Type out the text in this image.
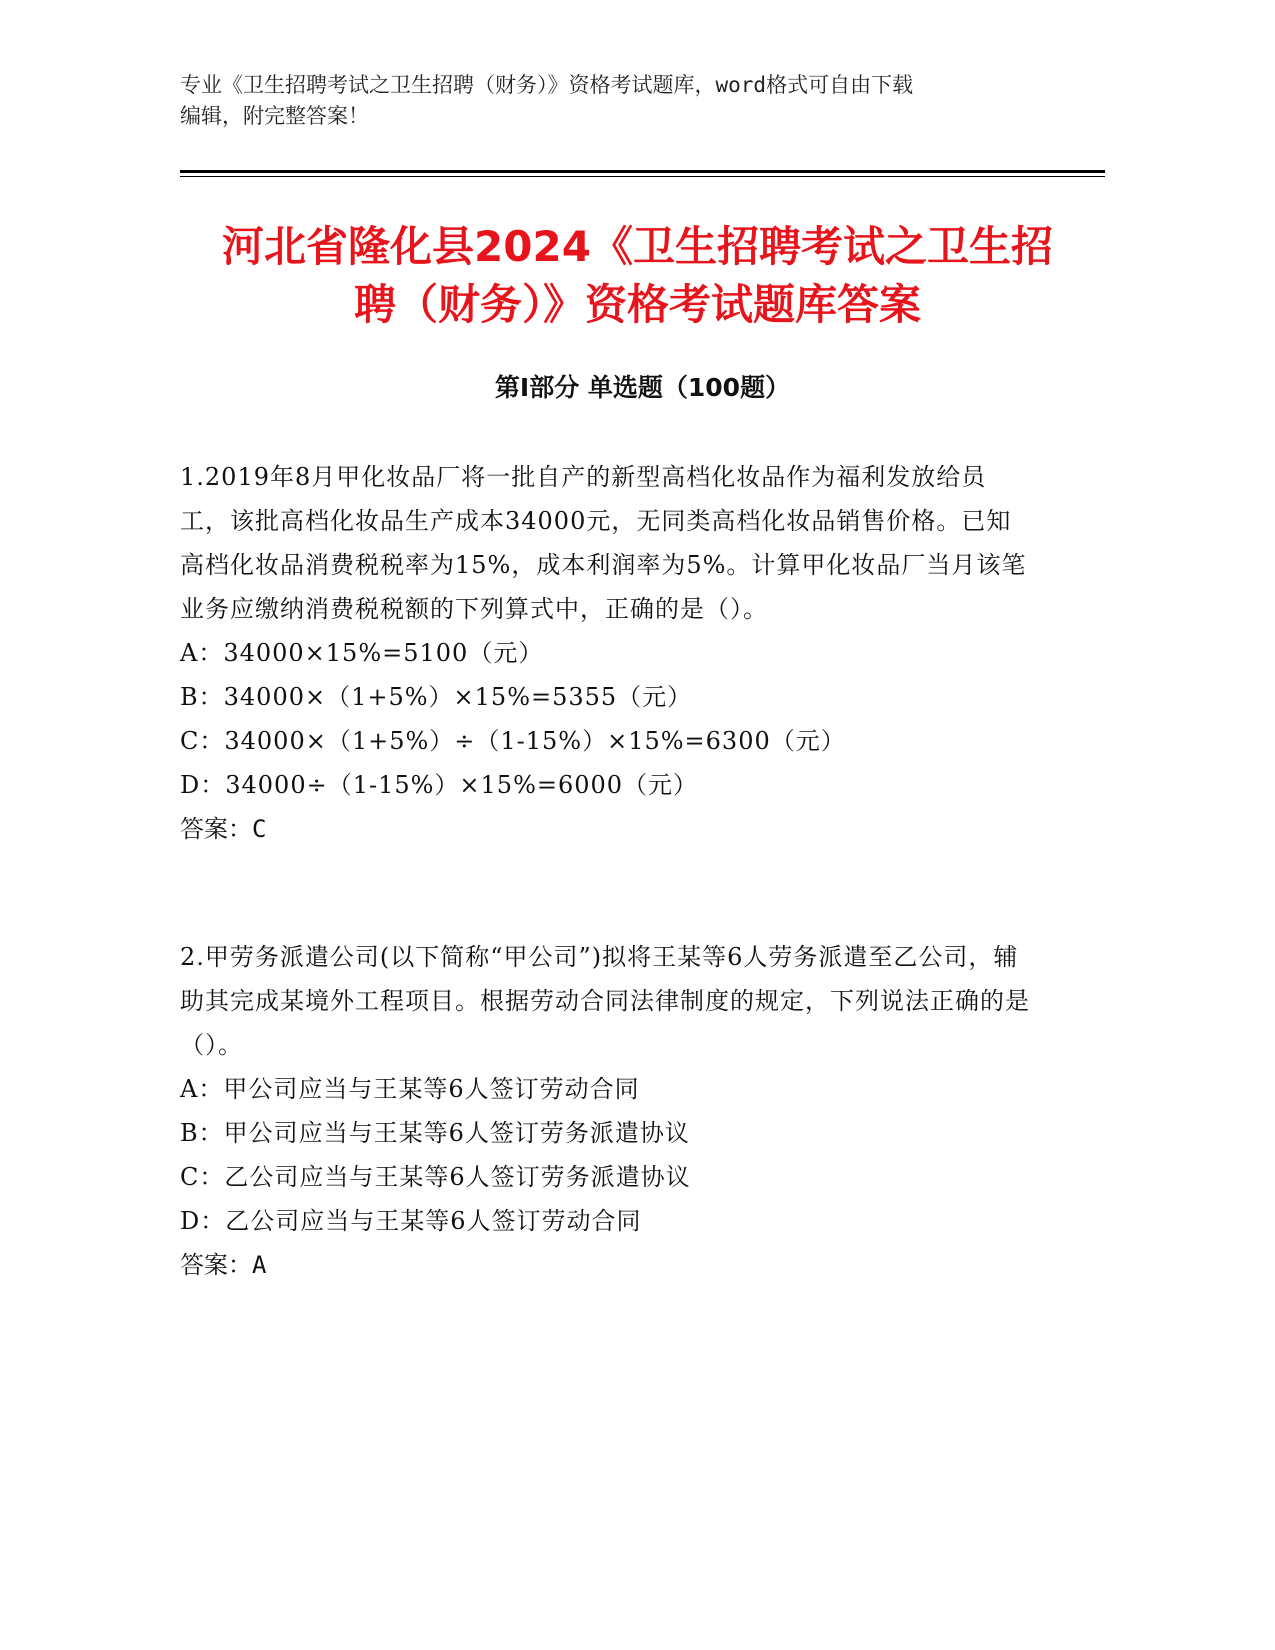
专业《卫生招聘考试之卫生招聘（财务）》资格考试题库，word格式可自由下载
编辑，附完整答案！
河北省隆化县2024《卫生招聘考试之卫生招
聘（财务）》资格考试题库答案
第Ⅰ部分 单选题（100题）

1.2019年8月甲化妆品厂将一批自产的新型高档化妆品作为福利发放给员工，该批高档化妆品生产成本34000元，无同类高档化妆品销售价格。已知高档化妆品消费税税率为15%，成本利润率为5%。计算甲化妆品厂当月该笔业务应缴纳消费税税额的下列算式中，正确的是（）。

A：34000×15%=5100（元）
B：34000×（1+5%）×15%=5355（元）
C：34000×（1+5%）÷（1-15%）×15%=6300（元）
D：34000÷（1-15%）×15%=6000（元）
答案：C

2.甲劳务派遣公司(以下简称“甲公司”)拟将王某等6人劳务派遣至乙公司，辅助其完成某境外工程项目。根据劳动合同法律制度的规定，下列说法正确的是（）。

A：甲公司应当与王某等6人签订劳动合同
B：甲公司应当与王某等6人签订劳务派遣协议
C：乙公司应当与王某等6人签订劳务派遣协议
D：乙公司应当与王某等6人签订劳动合同
答案：A
